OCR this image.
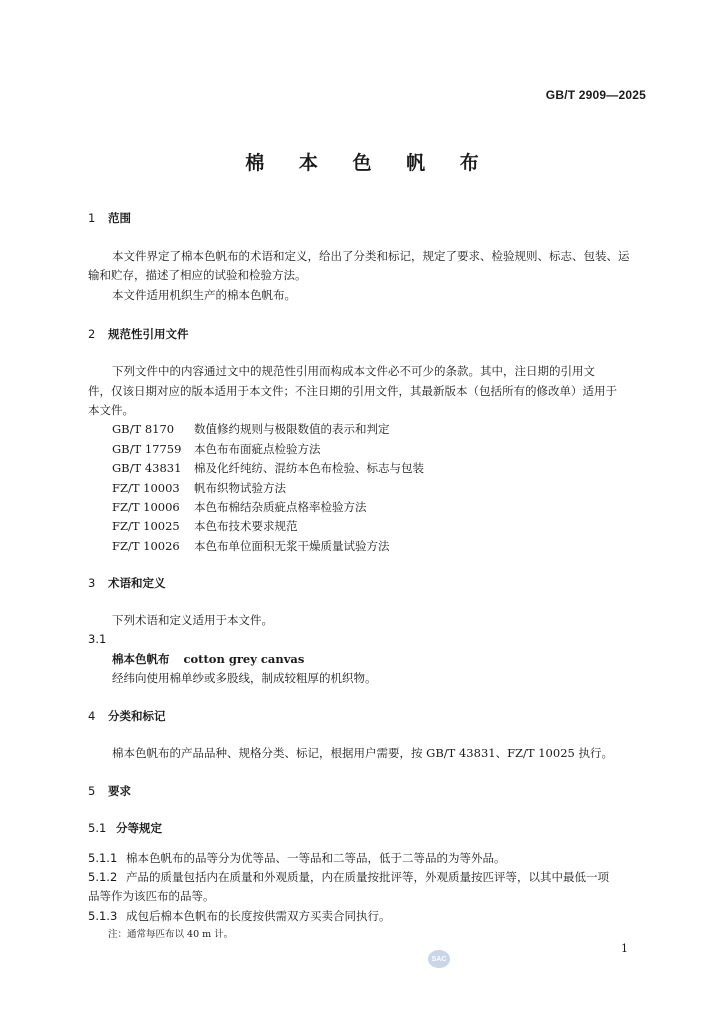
GB/T 2909—2025
棉 本 色 帆 布
1 范围
本文件界定了棉本色帆布的术语和定义，给出了分类和标记，规定了要求、检验规则、标志、包装、运
输和贮存，描述了相应的试验和检验方法。
本文件适用机织生产的棉本色帆布。
2 规范性引用文件
下列文件中的内容通过文中的规范性引用而构成本文件必不可少的条款。其中，注日期的引用文
件，仅该日期对应的版本适用于本文件；不注日期的引用文件，其最新版本（包括所有的修改单）适用于
本文件。
GB/T 8170 数值修约规则与极限数值的表示和判定
GB/T 17759 本色布布面疵点检验方法
GB/T 43831 棉及化纤纯纺、混纺本色布检验、标志与包装
FZ/T 10003 帆布织物试验方法
FZ/T 10006 本色布棉结杂质疵点格率检验方法
FZ/T 10025 本色布技术要求规范
FZ/T 10026 本色布单位面积无浆干燥质量试验方法
3 术语和定义
下列术语和定义适用于本文件。
3.1
棉本色帆布 cotton grey canvas
经纬向使用棉单纱或多股线，制成较粗厚的机织物。
4 分类和标记
棉本色帆布的产品品种、规格分类、标记，根据用户需要，按 GB/T 43831、FZ/T 10025 执行。
5 要求
5.1 分等规定
5.1.1 棉本色帆布的品等分为优等品、一等品和二等品，低于二等品的为等外品。
5.1.2 产品的质量包括内在质量和外观质量，内在质量按批评等，外观质量按匹评等，以其中最低一项
品等作为该匹布的品等。
5.1.3 成包后棉本色帆布的长度按供需双方买卖合同执行。
注：通常每匹布以 40 m 计。
1
SAC
